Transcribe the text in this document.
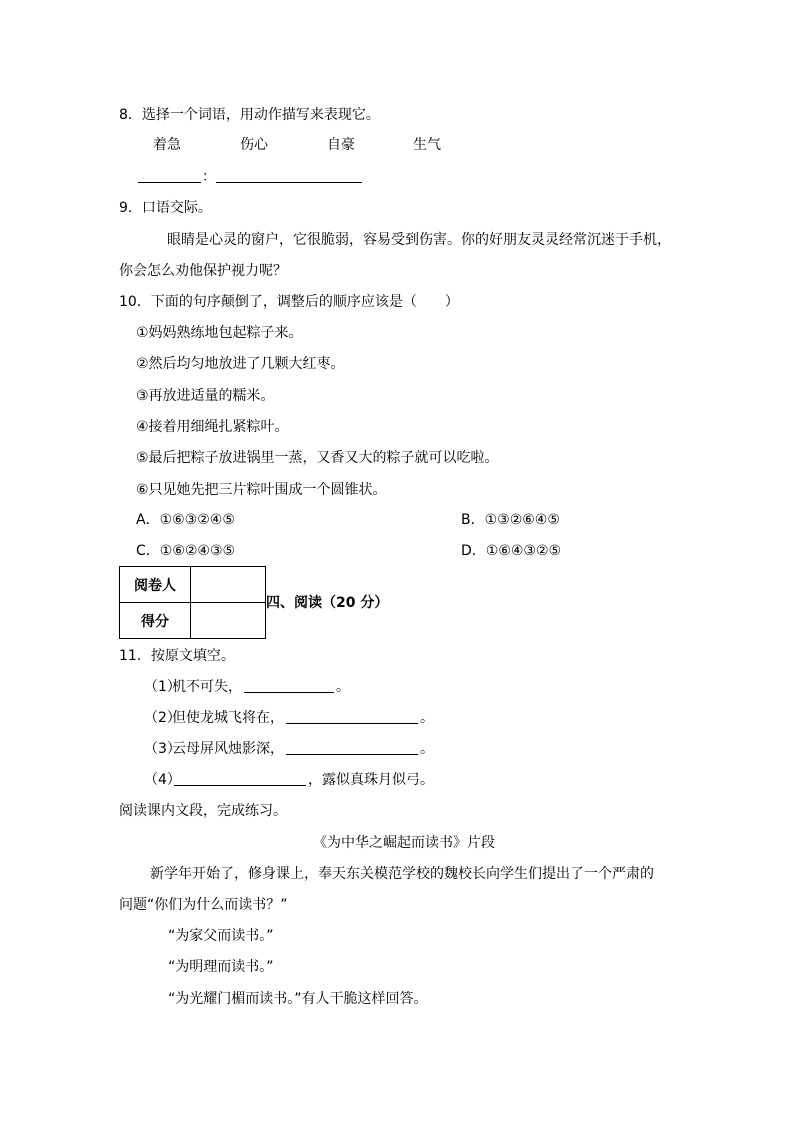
8．选择一个词语，用动作描写来表现它。
着急	伤心	自豪	生气
：
9．口语交际。
眼睛是心灵的窗户，它很脆弱，容易受到伤害。你的好朋友灵灵经常沉迷于手机，
你会怎么劝他保护视力呢？
10．下面的句序颠倒了，调整后的顺序应该是（　　）
①妈妈熟练地包起粽子来。
②然后均匀地放进了几颗大红枣。
③再放进适量的糯米。
④接着用细绳扎紧粽叶。
⑤最后把粽子放进锅里一蒸，又香又大的粽子就可以吃啦。
⑥只见她先把三片粽叶围成一个圆锥状。
A．①⑥③②④⑤	B．①③②⑥④⑤
C．①⑥②④③⑤	D．①⑥④③②⑤
阅卷人	
得分	
四、阅读（20 分）
11．按原文填空。
（1）
机不可失，	。
（2）
但使龙城飞将在，	。
（3）
云母屏风烛影深，	。
（4）	，露似真珠月似弓。
阅读课内文段，完成练习。
《为中华之崛起而读书》片段
新学年开始了，修身课上，奉天东关模范学校的魏校长向学生们提出了一个严肃的
问题“你们为什么而读书？”
“为家父而读书。”
“为明理而读书。”
“为光耀门楣而读书。”有人干脆这样回答。
